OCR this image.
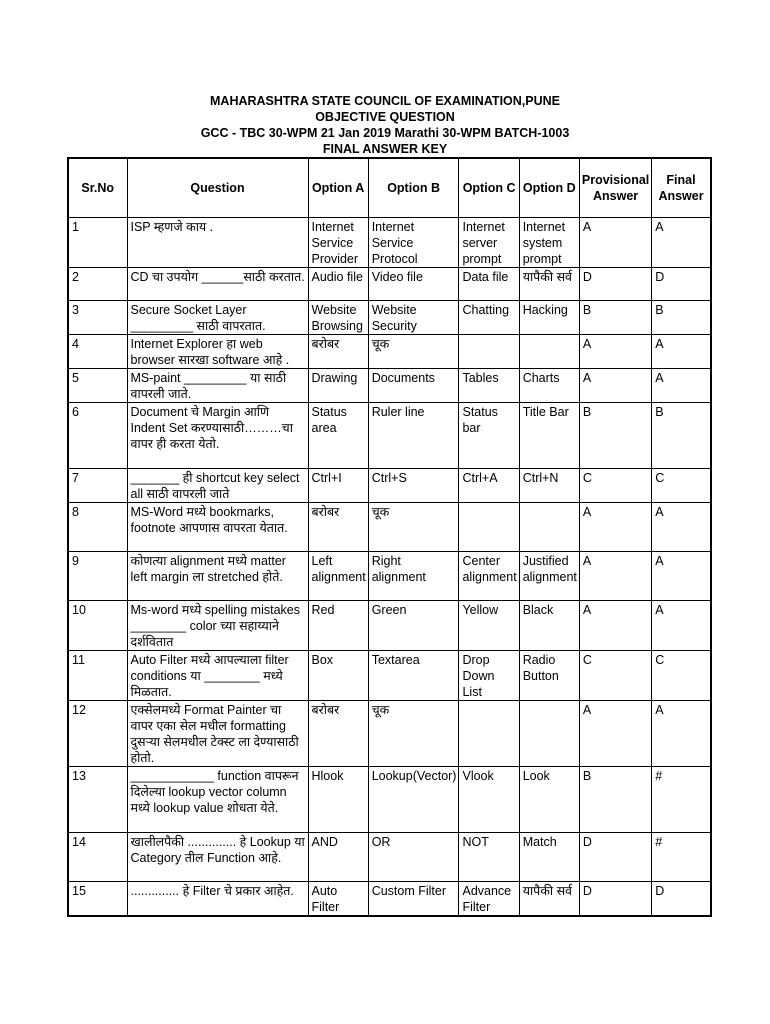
MAHARASHTRA STATE COUNCIL OF EXAMINATION,PUNE
OBJECTIVE QUESTION
GCC - TBC 30-WPM 21 Jan 2019 Marathi 30-WPM BATCH-1003
FINAL ANSWER KEY
Sr.No	Question	Option A	Option B	Option C	Option D	Provisional Answer	Final Answer
1	ISP म्हणजे काय .	Internet Service Provider	Internet Service Protocol	Internet server prompt	Internet system prompt	A	A
2	CD चा उपयोग ______साठी करतात.	Audio file	Video file	Data file	यापैकी सर्व	D	D
3	Secure Socket Layer _________ साठी वापरतात.	Website Browsing	Website Security	Chatting	Hacking	B	B
4	Internet Explorer हा web browser सारखा software आहे .	बरोबर	चूक			A	A
5	MS-paint _________ या साठी वापरली जाते.	Drawing	Documents	Tables	Charts	A	A
6	Document चे Margin आणि Indent Set करण्यासाठी………चा वापर ही करता येतो.	Status area	Ruler line	Status bar	Title Bar	B	B
7	_______ ही shortcut key select all साठी वापरली जाते	Ctrl+I	Ctrl+S	Ctrl+A	Ctrl+N	C	C
8	MS-Word मध्ये bookmarks, footnote आपणास वापरता येतात.	बरोबर	चूक			A	A
9	कोणत्या alignment मध्ये matter left margin ला stretched होते.	Left alignment	Right alignment	Center alignment	Justified alignment	A	A
10	Ms-word मध्ये spelling mistakes ________ color च्या सहाय्याने दर्शवितात	Red	Green	Yellow	Black	A	A
11	Auto Filter मध्ये आपल्याला filter conditions या ________ मध्ये मिळतात.	Box	Textarea	Drop Down List	Radio Button	C	C
12	एक्सेलमध्ये Format Painter चा वापर एका सेल मधील formatting दुसऱ्या सेलमधील टेक्स्ट ला देण्यासाठी होतो.	बरोबर	चूक			A	A
13	____________ function वापरून दिलेल्या lookup vector column मध्ये lookup value शोधता येते.	Hlook	Lookup(Vector)	Vlook	Look	B	#
14	खालीलपैकी .............. हे Lookup या Category तील Function आहे.	AND	OR	NOT	Match	D	#
15	.............. हे Filter चे प्रकार आहेत.	Auto Filter	Custom Filter	Advance Filter	यापैकी सर्व	D	D
